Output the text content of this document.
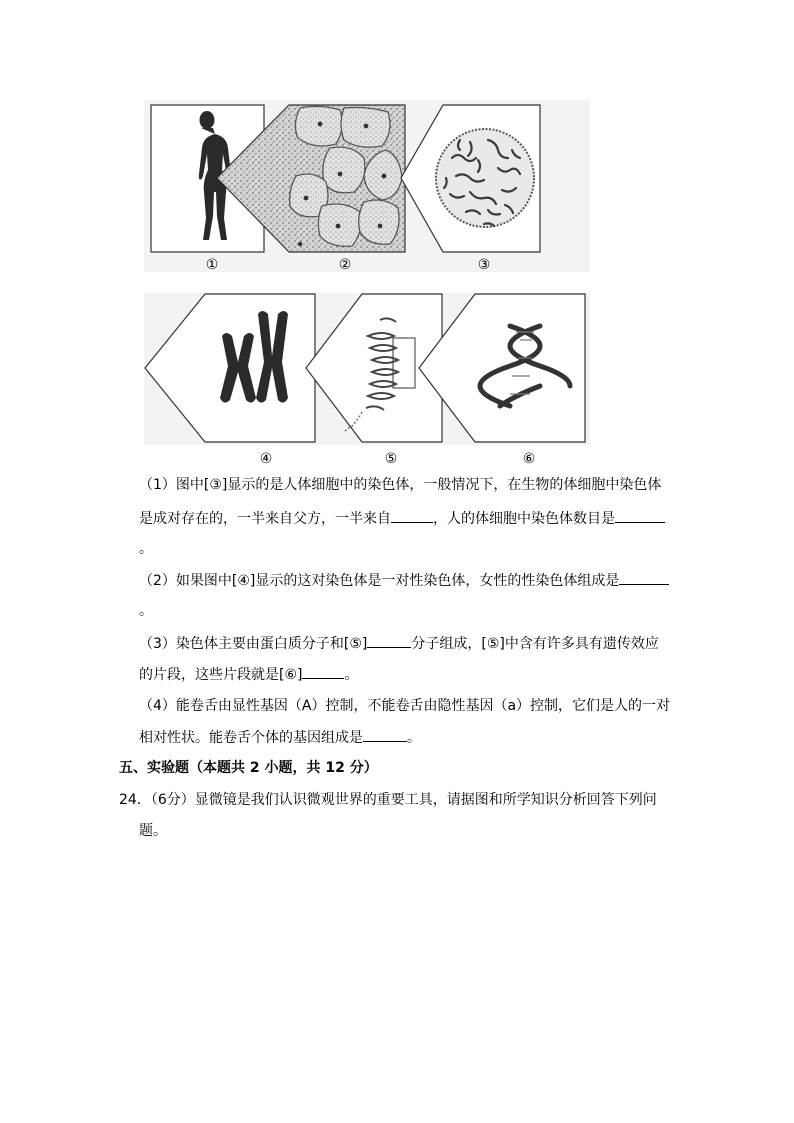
①	②	③
④	⑤	⑥
（1）图中[③]显示的是人体细胞中的染色体，一般情况下，在生物的体细胞中染色体
是成对存在的，一半来自父方，一半来自	，人的体细胞中染色体数目是
。
（2）如果图中[④]显示的这对染色体是一对性染色体，女性的性染色体组成是
。
（3）染色体主要由蛋白质分子和[⑤]	分子组成，[⑤]中含有许多具有遗传效应
的片段，这些片段就是[⑥]	。
（4）能卷舌由显性基因（A）控制，不能卷舌由隐性基因（a）控制，它们是人的一对
相对性状。能卷舌个体的基因组成是	。
五、实验题（本题共 2 小题，共 12 分）
24．（6分）显微镜是我们认识微观世界的重要工具，请据图和所学知识分析回答下列问
题。
